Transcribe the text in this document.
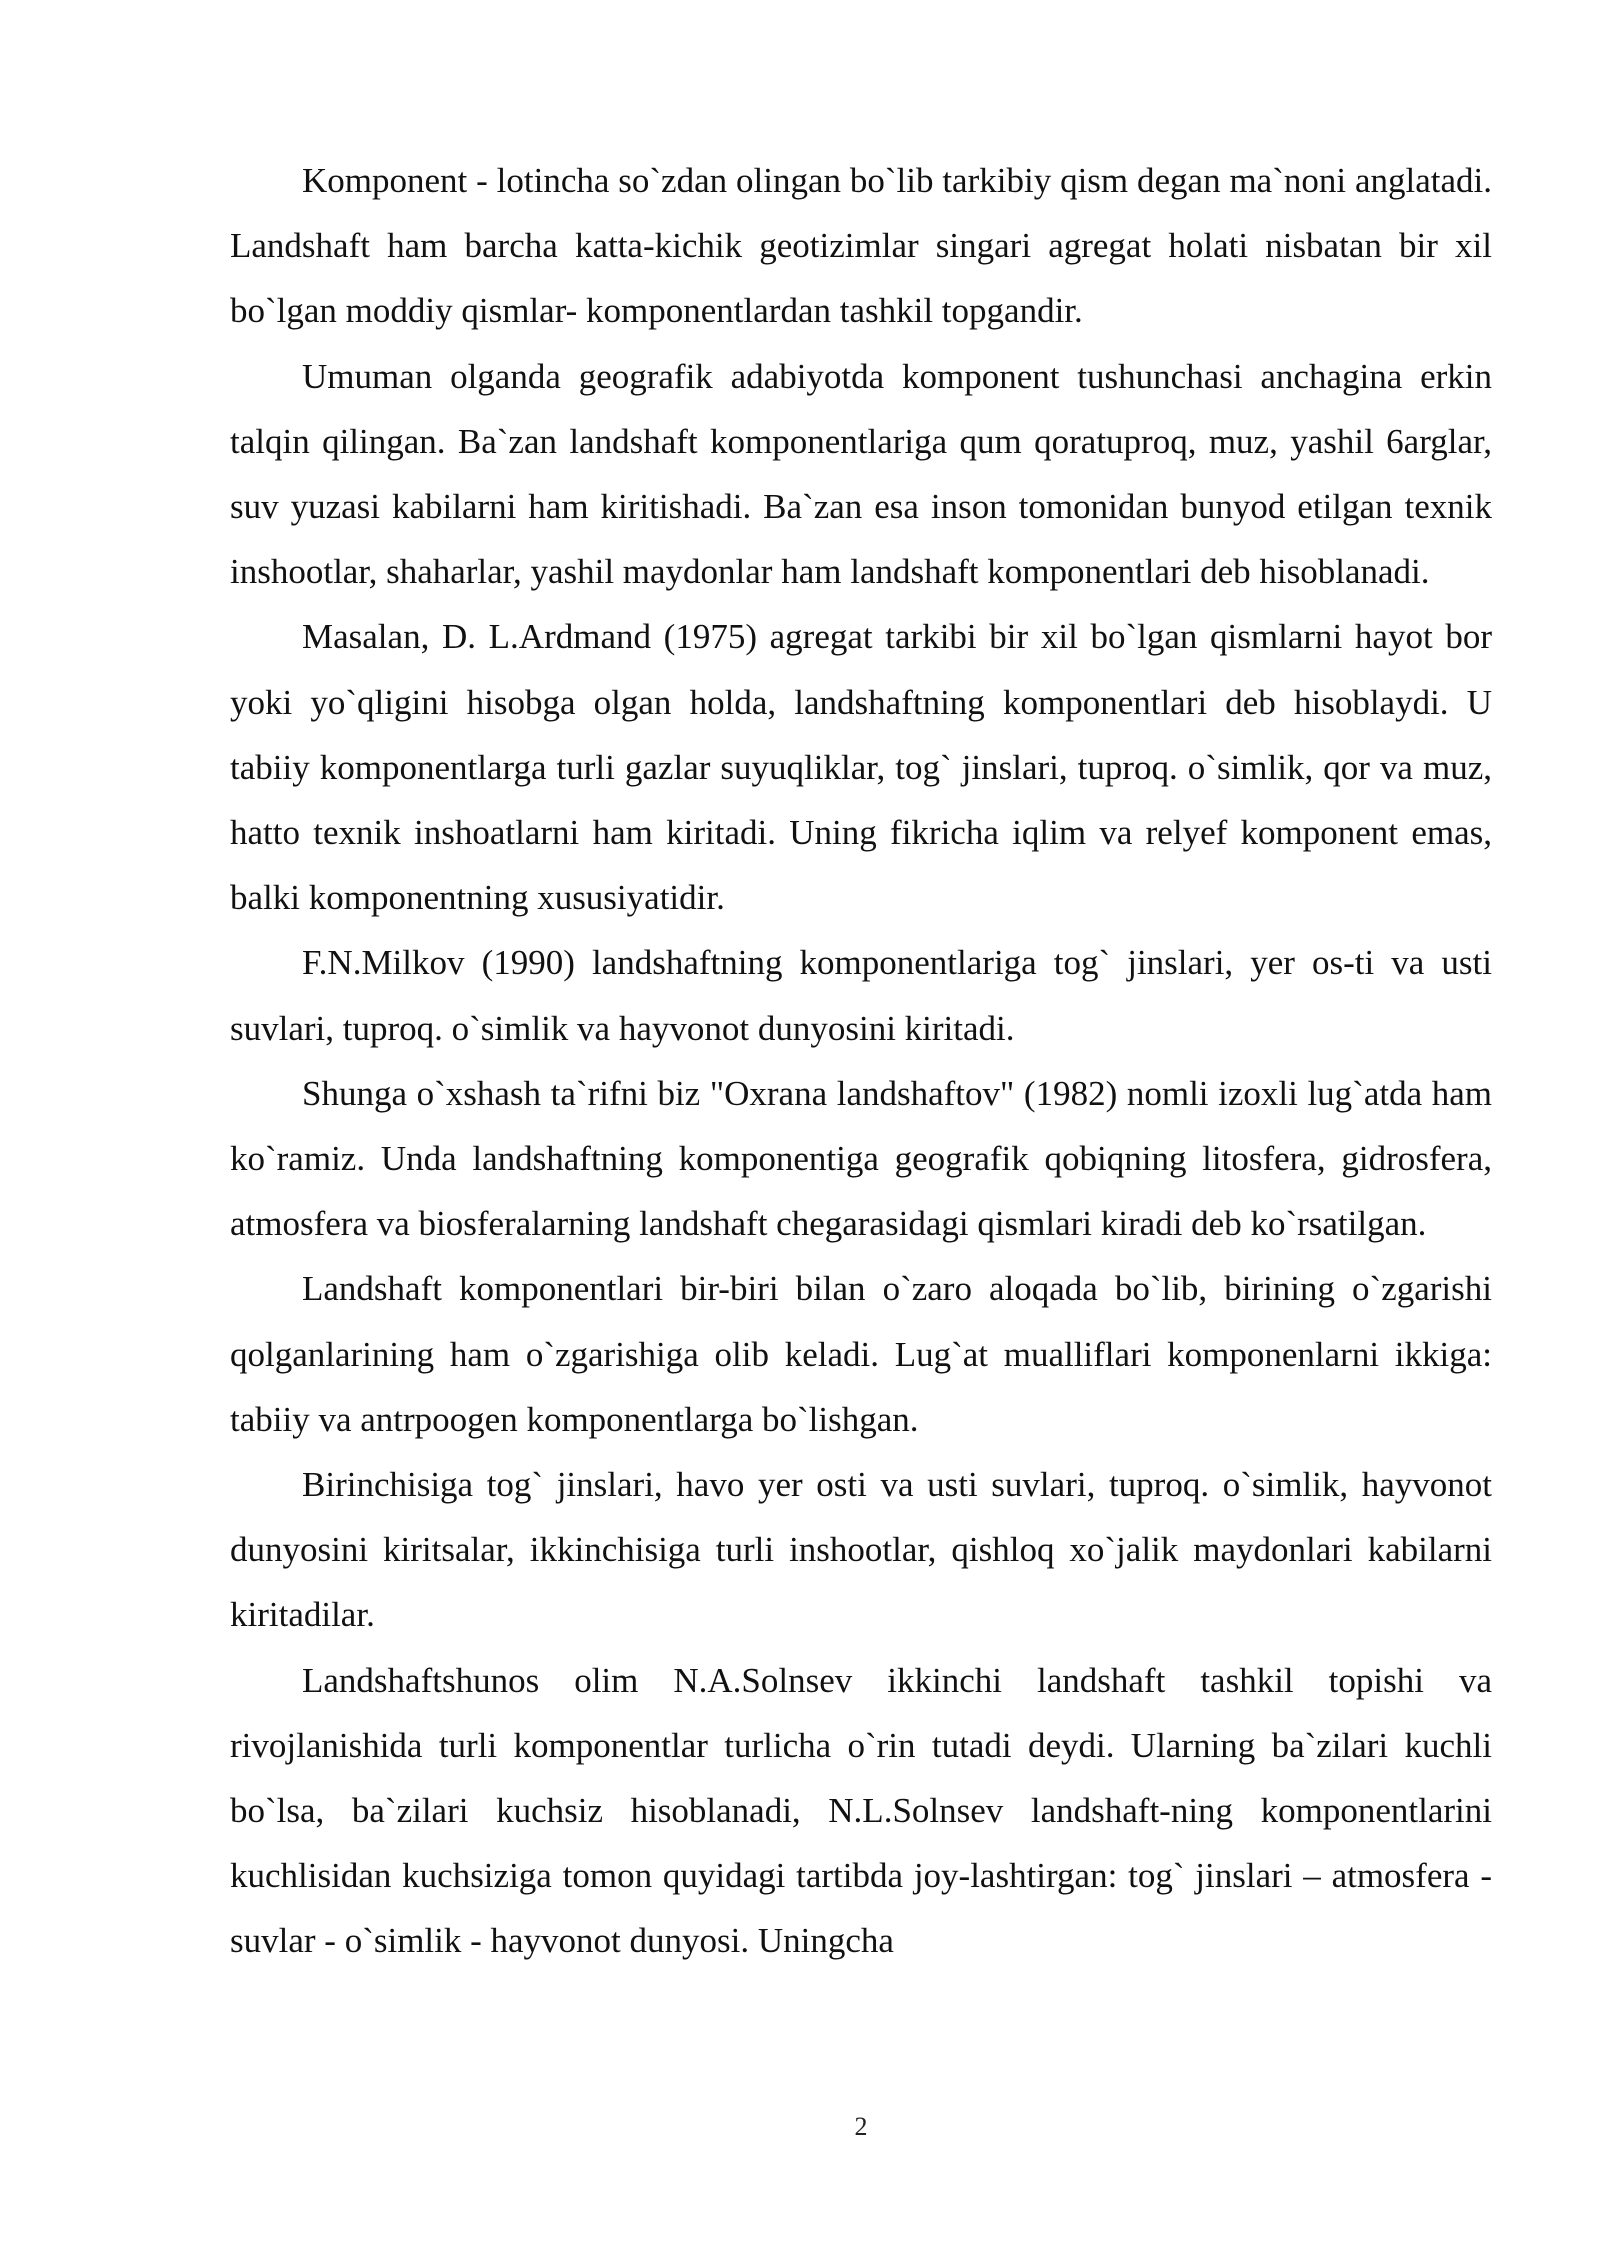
Komponent - lotincha so`zdan olingan bo`lib tarkibiy qism degan ma`noni anglatadi. Landshaft ham barcha katta-kichik geotizimlar singari agregat holati nisbatan bir xil bo`lgan moddiy qismlar- komponentlardan tashkil topgandir.

Umuman olganda geografik adabiyotda komponent tushunchasi anchagina erkin talqin qilingan. Ba`zan landshaft komponentlariga qum qoratuproq, muz, yashil 6arglar, suv yuzasi kabilarni ham kiritishadi. Ba`zan esa inson tomonidan bunyod etilgan texnik inshootlar, shaharlar, yashil maydonlar ham landshaft komponentlari deb hisoblanadi.

Masalan, D. L.Ardmand (1975) agregat tarkibi bir xil bo`lgan qismlarni hayot bor yoki yo`qligini hisobga olgan holda, landshaftning komponentlari deb hisoblaydi. U tabiiy komponentlarga turli gazlar suyuqliklar, tog` jinslari, tuproq. o`simlik, qor va muz, hatto texnik inshoatlarni ham kiritadi. Uning fikricha iqlim va relyef komponent emas, balki komponentning xususiyatidir.

F.N.Milkov (1990) landshaftning komponentlariga tog` jinslari, yer os-ti va usti suvlari, tuproq. o`simlik va hayvonot dunyosini kiritadi.

Shunga o`xshash ta`rifni biz "Oxrana landshaftov" (1982) nomli izoxli lug`atda ham ko`ramiz. Unda landshaftning komponentiga geografik qobiqning litosfera, gidrosfera, atmosfera va biosferalarning landshaft chegarasidagi qismlari kiradi deb ko`rsatilgan.

Landshaft komponentlari bir-biri bilan o`zaro aloqada bo`lib, birining o`zgarishi qolganlarining ham o`zgarishiga olib keladi. Lug`at mualliflari komponenlarni ikkiga: tabiiy va antrpoogen komponentlarga bo`lishgan.

Birinchisiga tog` jinslari, havo yer osti va usti suvlari, tuproq. o`simlik, hayvonot dunyosini kiritsalar, ikkinchisiga turli inshootlar, qishloq xo`jalik maydonlari kabilarni kiritadilar.

Landshaftshunos olim N.A.Solnsev ikkinchi landshaft tashkil topishi va rivojlanishida turli komponentlar turlicha o`rin tutadi deydi. Ularning ba`zilari kuchli bo`lsa, ba`zilari kuchsiz hisoblanadi, N.L.Solnsev landshaft-ning komponentlarini kuchlisidan kuchsiziga tomon quyidagi tartibda joy-lashtirgan: tog` jinslari – atmosfera - suvlar - o`simlik - hayvonot dunyosi. Uningcha

2
